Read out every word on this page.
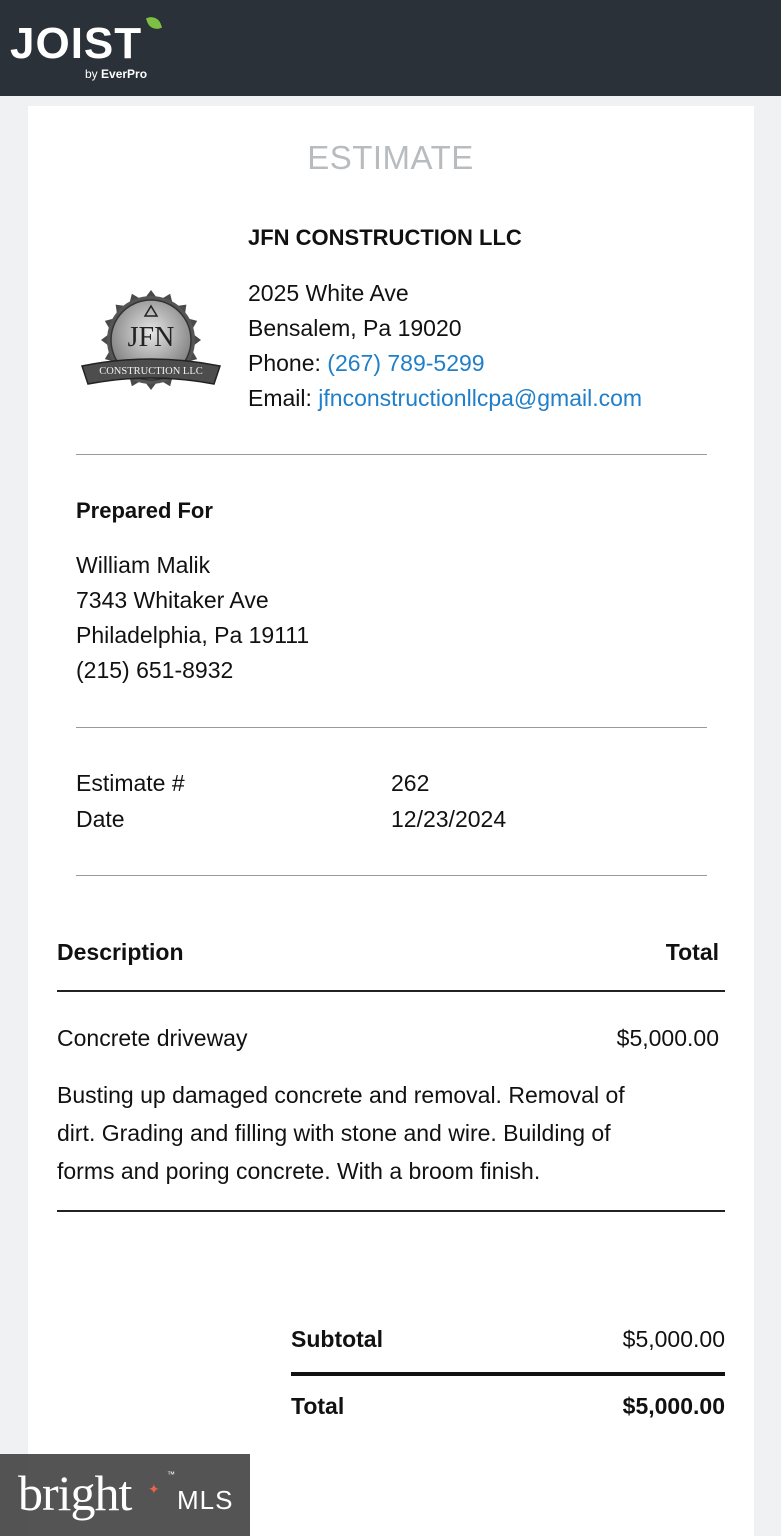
JOIST
by EverPro
ESTIMATE
JFN
CONSTRUCTION LLC
JFN CONSTRUCTION LLC
2025 White Ave
Bensalem, Pa 19020
Phone: (267) 789-5299
Email: jfnconstructionllcpa@gmail.com
Prepared For
William Malik
7343 Whitaker Ave
Philadelphia, Pa 19111
(215) 651-8932
Estimate #	262
Date	12/23/2024
Description	Total
Concrete driveway	$5,000.00
Busting up damaged concrete and removal. Removal of
dirt. Grading and filling with stone and wire. Building of
forms and poring concrete. With a broom finish.
Subtotal	$5,000.00
Total	$5,000.00
bright ✦
™
MLS
